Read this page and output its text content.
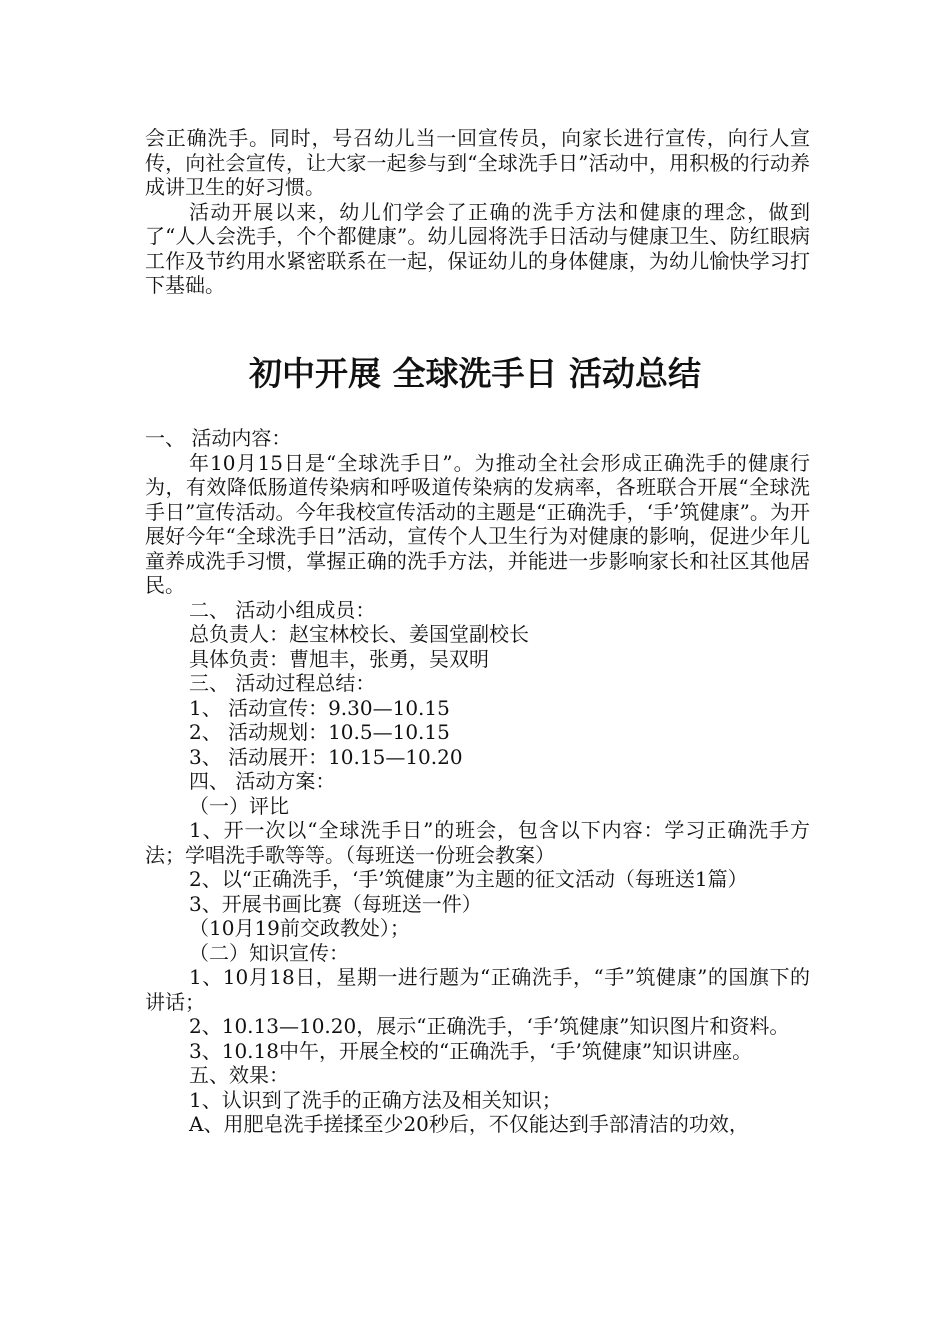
会正确洗手。同时，号召幼儿当一回宣传员，向家长进行宣传，向行人宣传，向社会宣传，让大家一起参与到“全球洗手日”活动中，用积极的行动养成讲卫生的好习惯。

活动开展以来，幼儿们学会了正确的洗手方法和健康的理念，做到了“人人会洗手，个个都健康”。幼儿园将洗手日活动与健康卫生、防红眼病工作及节约用水紧密联系在一起，保证幼儿的身体健康，为幼儿愉快学习打下基础。

初中开展 全球洗手日 活动总结

一、 活动内容：

年10月15日是“全球洗手日”。为推动全社会形成正确洗手的健康行为，有效降低肠道传染病和呼吸道传染病的发病率，各班联合开展“全球洗手日”宣传活动。今年我校宣传活动的主题是“正确洗手，‘手’筑健康”。为开展好今年“全球洗手日”活动，宣传个人卫生行为对健康的影响，促进少年儿童养成洗手习惯，掌握正确的洗手方法，并能进一步影响家长和社区其他居民。

二、 活动小组成员：

总负责人：赵宝林校长、姜国堂副校长

具体负责：曹旭丰，张勇，吴双明

三、 活动过程总结：

1、 活动宣传：9.30—10.15

2、 活动规划：10.5—10.15

3、 活动展开：10.15—10.20

四、 活动方案：

（一）评比

1、开一次以“全球洗手日”的班会，包含以下内容：学习正确洗手方法；学唱洗手歌等等。（每班送一份班会教案）

2、以“正确洗手，‘手’筑健康”为主题的征文活动（每班送1篇）

3、开展书画比赛（每班送一件）

（10月19前交政教处）；

（二）知识宣传：

1、10月18日，星期一进行题为“正确洗手，“手”筑健康”的国旗下的讲话；

2、10.13—10.20，展示“正确洗手，‘手’筑健康”知识图片和资料。

3、10.18中午，开展全校的“正确洗手，‘手’筑健康”知识讲座。

五、效果：

1、认识到了洗手的正确方法及相关知识；

A、用肥皂洗手搓揉至少20秒后，不仅能达到手部清洁的功效，
